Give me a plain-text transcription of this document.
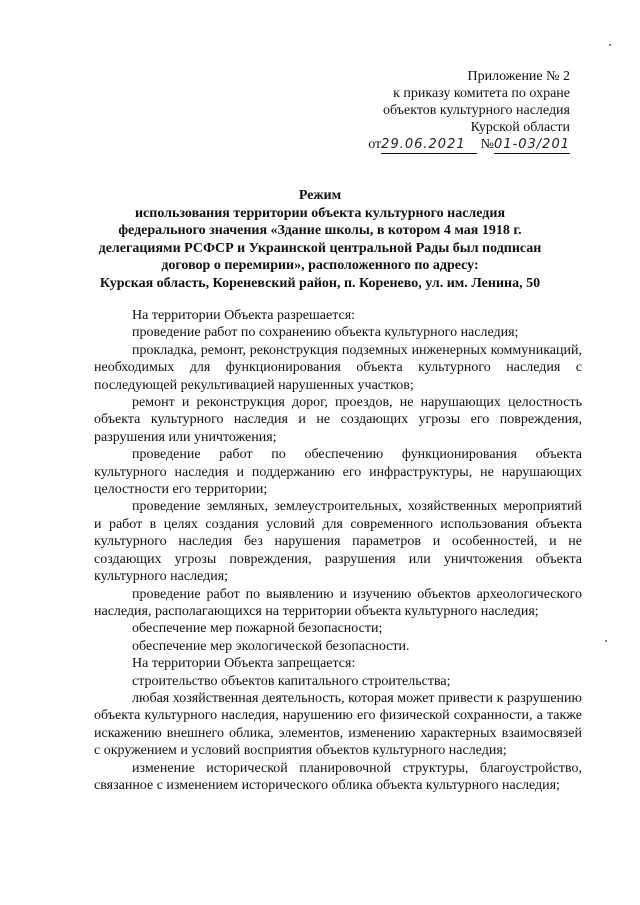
Приложение № 2
к приказу комитета по охране
объектов культурного наследия
Курской области
от29.06.2021 №01-03/201
Режим
использования территории объекта культурного наследия
федерального значения «Здание школы, в котором 4 мая 1918 г.
делегациями РСФСР и Украинской центральной Рады был подписан
договор о перемирии», расположенного по адресу:
Курская область, Кореневский район, п. Коренево, ул. им. Ленина, 50

На территории Объекта разрешается:

проведение работ по сохранению объекта культурного наследия;

прокладка, ремонт, реконструкция подземных инженерных коммуникаций, необходимых для функционирования объекта культурного наследия с последующей рекультивацией нарушенных участков;

ремонт и реконструкция дорог, проездов, не нарушающих целостность объекта культурного наследия и не создающих угрозы его повреждения, разрушения или уничтожения;

проведение работ по обеспечению функционирования объекта культурного наследия и поддержанию его инфраструктуры, не нарушающих целостности его территории;

проведение земляных, землеустроительных, хозяйственных мероприятий и работ в целях создания условий для современного использования объекта культурного наследия без нарушения параметров и особенностей, и не создающих угрозы повреждения, разрушения или уничтожения объекта культурного наследия;

проведение работ по выявлению и изучению объектов археологического наследия, располагающихся на территории объекта культурного наследия;

обеспечение мер пожарной безопасности;

обеспечение мер экологической безопасности.

На территории Объекта запрещается:

строительство объектов капитального строительства;

любая хозяйственная деятельность, которая может привести к разрушению объекта культурного наследия, нарушению его физической сохранности, а также искажению внешнего облика, элементов, изменению характерных взаимосвязей с окружением и условий восприятия объектов культурного наследия;

изменение исторической планировочной структуры, благоустройство, связанное с изменением исторического облика объекта культурного наследия;
